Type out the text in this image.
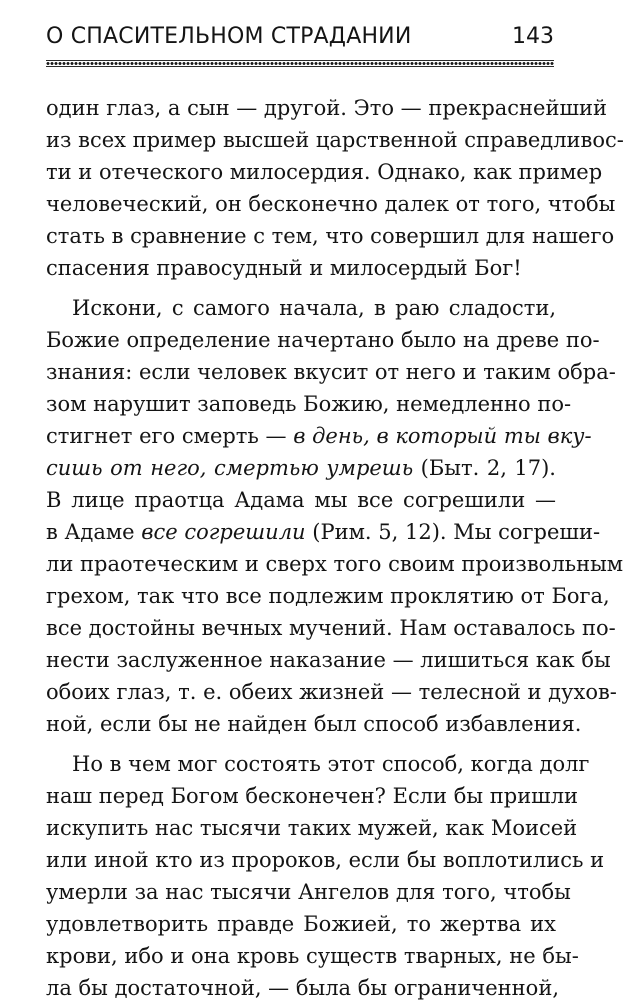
О СПАСИТЕЛЬНОМ СТРАДАНИИ	143
один глаз, а сын — другой. Это — прекраснейший
из всех пример высшей царственной справедливос-
ти и отеческого милосердия. Однако, как пример
человеческий, он бесконечно далек от того, чтобы
стать в сравнение с тем, что совершил для нашего
спасения правосудный и милосердый Бог!
Искони, с самого начала, в раю сладости,
Божие определение начертано было на древе по-
знания: если человек вкусит от него и таким обра-
зом нарушит заповедь Божию, немедленно по-
стигнет его смерть — в день, в который ты вку-
сишь от него, смертью умрешь (Быт. 2, 17).
В лице праотца Адама мы все согрешили —
в Адаме все согрешили (Рим. 5, 12). Мы согреши-
ли праотеческим и сверх того своим произвольным
грехом, так что все подлежим проклятию от Бога,
все достойны вечных мучений. Нам оставалось по-
нести заслуженное наказание — лишиться как бы
обоих глаз, т. е. обеих жизней — телесной и духов-
ной, если бы не найден был способ избавления.
Но в чем мог состоять этот способ, когда долг
наш перед Богом бесконечен? Если бы пришли
искупить нас тысячи таких мужей, как Моисей
или иной кто из пророков, если бы воплотились и
умерли за нас тысячи Ангелов для того, чтобы
удовлетворить правде Божией, то жертва их
крови, ибо и она кровь существ тварных, не бы-
ла бы достаточной, — была бы ограниченной,
